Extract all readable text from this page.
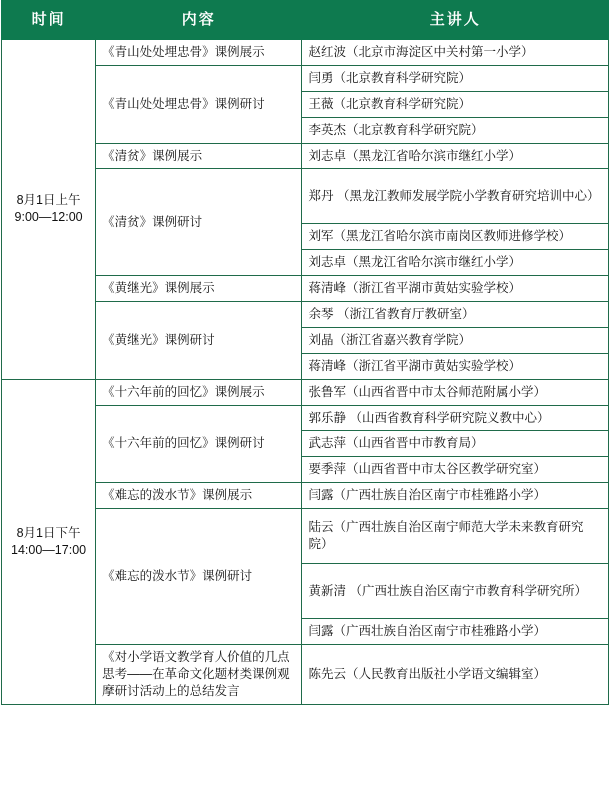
时间	内容	主讲人

8月1日上午
9:00—12:00	《青山处处埋忠骨》课例展示	赵红波（北京市海淀区中关村第一小学）
	《青山处处埋忠骨》课例研讨	闫勇（北京教育科学研究院）
		王薇（北京教育科学研究院）
		李英杰（北京教育科学研究院）
	《清贫》课例展示	刘志卓（黑龙江省哈尔滨市继红小学）
	《清贫》课例研讨	郑丹 （黑龙江教师发展学院小学教育研究培训中心）
		刘军（黑龙江省哈尔滨市南岗区教师进修学校）
		刘志卓（黑龙江省哈尔滨市继红小学）
	《黄继光》课例展示	蒋清峰（浙江省平湖市黄姑实验学校）
	《黄继光》课例研讨	余琴 （浙江省教育厅教研室）
		刘晶（浙江省嘉兴教育学院）
		蒋清峰（浙江省平湖市黄姑实验学校）

8月1日下午
14:00—17:00	《十六年前的回忆》课例展示	张鲁军（山西省晋中市太谷师范附属小学）
	《十六年前的回忆》课例研讨	郭乐静 （山西省教育科学研究院义教中心）
		武志萍（山西省晋中市教育局）
		要季萍（山西省晋中市太谷区教学研究室）
	《难忘的泼水节》课例展示	闫露（广西壮族自治区南宁市桂雅路小学）
	《难忘的泼水节》课例研讨	陆云（广西壮族自治区南宁师范大学未来教育研究院）
		黄新清 （广西壮族自治区南宁市教育科学研究所）
		闫露（广西壮族自治区南宁市桂雅路小学）
	《对小学语文教学育人价值的几点思考——在革命文化题材类课例观摩研讨活动上的总结发言	陈先云（人民教育出版社小学语文编辑室）
